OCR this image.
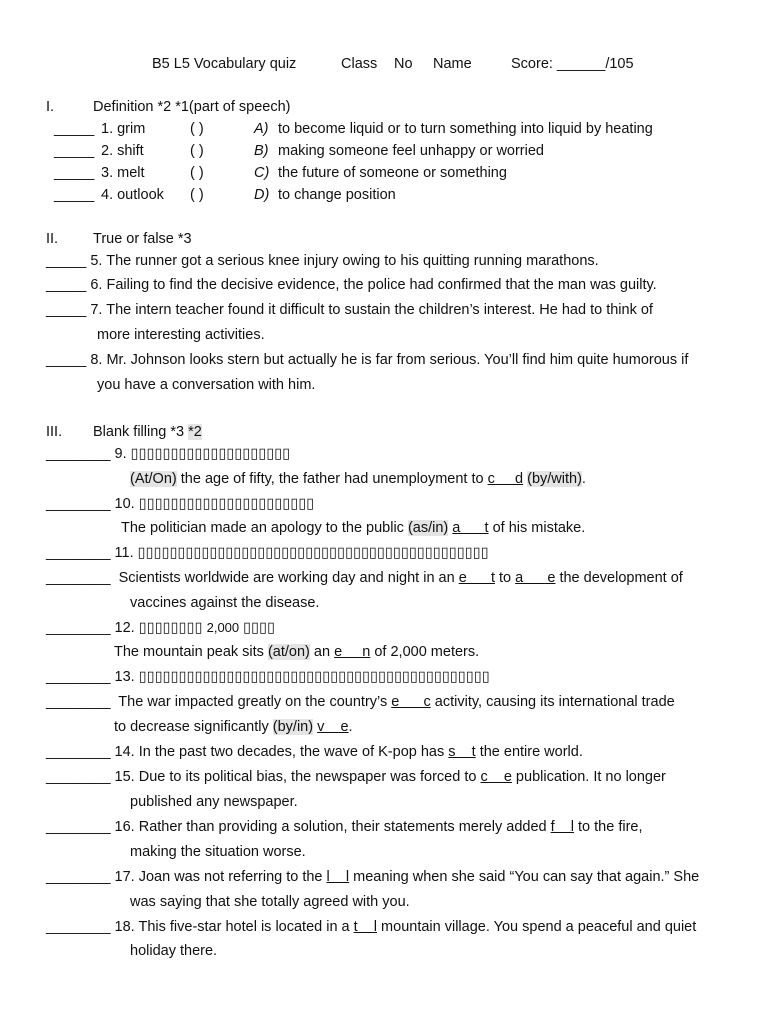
B5 L5 Vocabulary quiz	Class No Name	Score: ______/105
I.	Definition *2 *1(part of speech)
_____ 1. grim	( )	A) to become liquid or to turn something into liquid by heating
_____ 2. shift	( )	B) making someone feel unhappy or worried
_____ 3. melt	( )	C) the future of someone or something
_____ 4. outlook ( )	D) to change position
II. True or false *3
_____ 5. The runner got a serious knee injury owing to his quitting running marathons.
_____ 6. Failing to find the decisive evidence, the police had confirmed that the man was guilty.
_____ 7. The intern teacher found it difficult to sustain the children’s interest. He had to think of
more interesting activities.
_____ 8. Mr. Johnson looks stern but actually he is far from serious. You’ll find him quite humorous if
you have a conversation with him.
III. Blank filling *3 *2
________ 9. ▯▯▯▯▯▯▯▯▯▯▯▯▯▯▯▯▯▯▯▯
(At/On) the age of fifty, the father had unemployment to c     d (by/with).
________ 10. ▯▯▯▯▯▯▯▯▯▯▯▯▯▯▯▯▯▯▯▯▯▯
The politician made an apology to the public (as/in) a      t of his mistake.
________ 11. ▯▯▯▯▯▯▯▯▯▯▯▯▯▯▯▯▯▯▯▯▯▯▯▯▯▯▯▯▯▯▯▯▯▯▯▯▯▯▯▯▯▯▯▯
________  Scientists worldwide are working day and night in an e      t to a      e the development of
vaccines against the disease.
________ 12. ▯▯▯▯▯▯▯▯ 2,000 ▯▯▯▯
The mountain peak sits (at/on) an e     n of 2,000 meters.
________ 13. ▯▯▯▯▯▯▯▯▯▯▯▯▯▯▯▯▯▯▯▯▯▯▯▯▯▯▯▯▯▯▯▯▯▯▯▯▯▯▯▯▯▯▯▯
________  The war impacted greatly on the country’s e      c activity, causing its international trade
to decrease significantly (by/in) v    e.
________ 14. In the past two decades, the wave of K-pop has s    t the entire world.
________ 15. Due to its political bias, the newspaper was forced to c    e publication. It no longer
published any newspaper.
________ 16. Rather than providing a solution, their statements merely added f    l to the fire,
making the situation worse.
________ 17. Joan was not referring to the l    l meaning when she said “You can say that again.” She
was saying that she totally agreed with you.
________ 18. This five-star hotel is located in a t    l mountain village. You spend a peaceful and quiet
holiday there.
